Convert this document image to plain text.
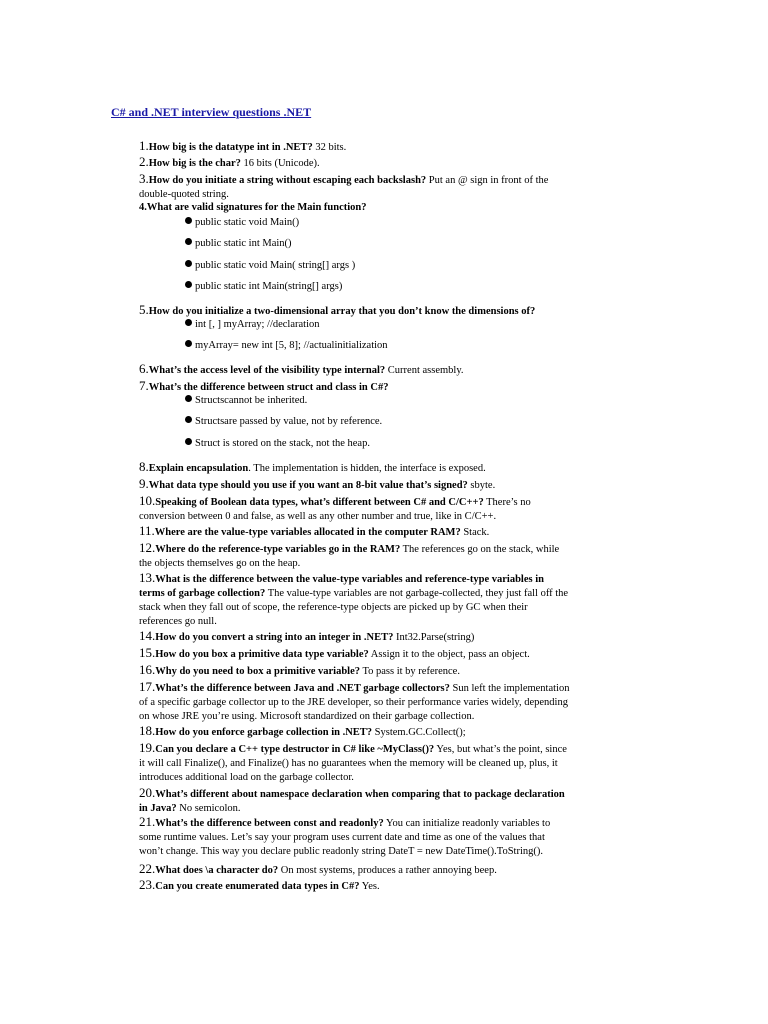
C# and .NET interview questions .NET
1.How big is the datatype int in .NET? 32 bits.
2.How big is the char? 16 bits (Unicode).
3.How do you initiate a string without escaping each backslash? Put an @ sign in front of the
double-quoted string.
4.What are valid signatures for the Main function?
public static void Main()
public static int Main()
public static void Main( string[] args )
public static int Main(string[] args)
5.How do you initialize a two-dimensional array that you don’t know the dimensions of?
int [, ] myArray; //declaration
myArray= new int [5, 8]; //actualinitialization
6.What’s the access level of the visibility type internal? Current assembly.
7.What’s the difference between struct and class in C#?
Structscannot be inherited.
Structsare passed by value, not by reference.
Struct is stored on the stack, not the heap.
8.Explain encapsulation. The implementation is hidden, the interface is exposed.
9.What data type should you use if you want an 8-bit value that’s signed? sbyte.
10.Speaking of Boolean data types, what’s different between C# and C/C++? There’s no
conversion between 0 and false, as well as any other number and true, like in C/C++.
11.Where are the value-type variables allocated in the computer RAM? Stack.
12.Where do the reference-type variables go in the RAM? The references go on the stack, while
the objects themselves go on the heap.
13.What is the difference between the value-type variables and reference-type variables in
terms of garbage collection? The value-type variables are not garbage-collected, they just fall off the
stack when they fall out of scope, the reference-type objects are picked up by GC when their
references go null.
14.How do you convert a string into an integer in .NET? Int32.Parse(string)
15.How do you box a primitive data type variable? Assign it to the object, pass an object.
16.Why do you need to box a primitive variable? To pass it by reference.
17.What’s the difference between Java and .NET garbage collectors? Sun left the implementation
of a specific garbage collector up to the JRE developer, so their performance varies widely, depending
on whose JRE you’re using. Microsoft standardized on their garbage collection.
18.How do you enforce garbage collection in .NET? System.GC.Collect();
19.Can you declare a C++ type destructor in C# like ~MyClass()? Yes, but what’s the point, since
it will call Finalize(), and Finalize() has no guarantees when the memory will be cleaned up, plus, it
introduces additional load on the garbage collector.
20.What’s different about namespace declaration when comparing that to package declaration
in Java? No semicolon.
21.What’s the difference between const and readonly? You can initialize readonly variables to
some runtime values. Let’s say your program uses current date and time as one of the values that
won’t change. This way you declare public readonly string DateT = new DateTime().ToString().
22.What does \a character do? On most systems, produces a rather annoying beep.
23.Can you create enumerated data types in C#? Yes.
